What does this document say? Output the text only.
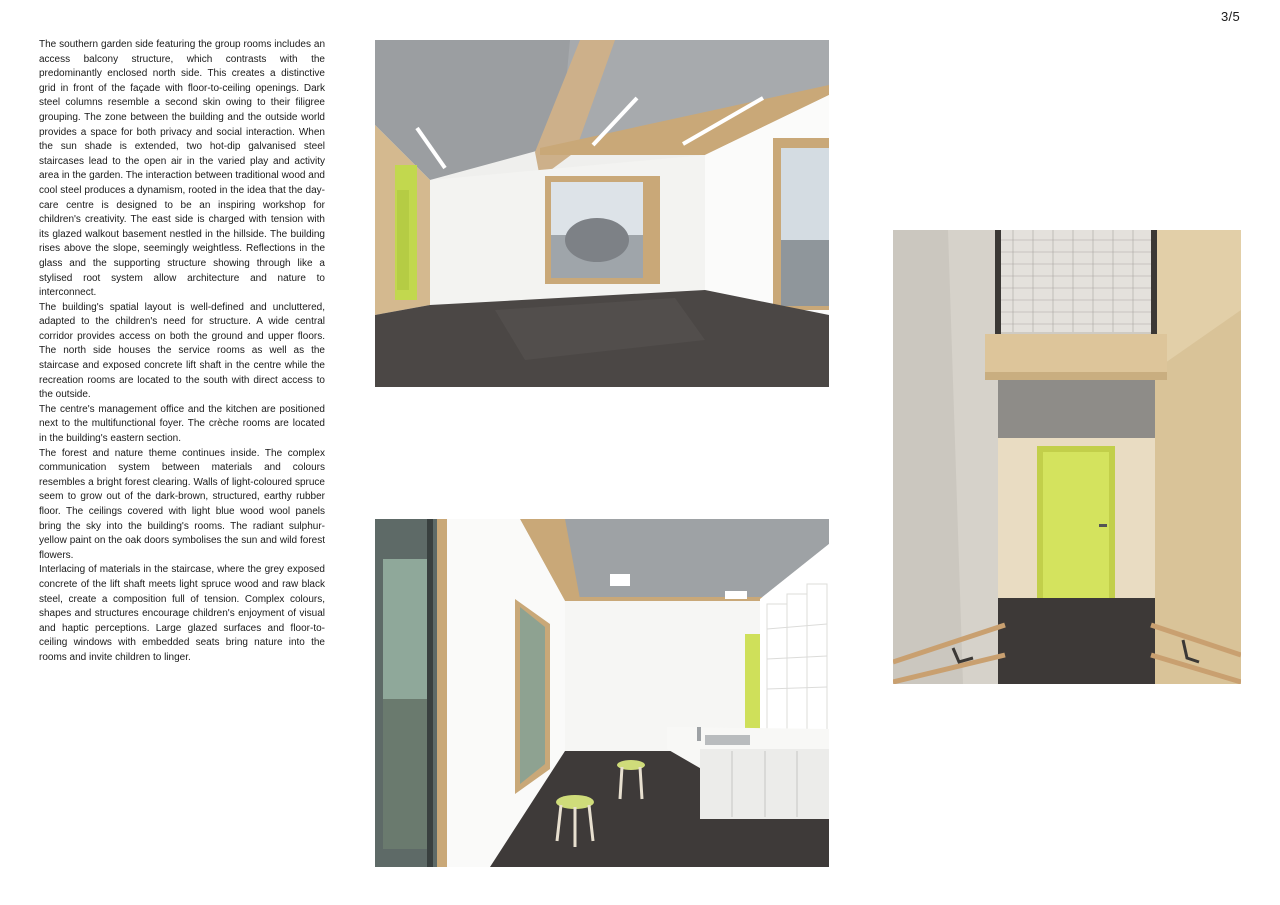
3/5

The southern garden side featuring the group rooms includes an access balcony structure, which contrasts with the predominantly enclosed north side. This creates a distinctive grid in front of the façade with floor-to-ceiling openings. Dark steel columns resemble a second skin owing to their filigree grouping. The zone between the building and the outside world provides a space for both privacy and social interaction. When the sun shade is extended, two hot-dip galvanised steel staircases lead to the open air in the varied play and activity area in the garden. The interaction between traditional wood and cool steel produces a dynamism, rooted in the idea that the day-care centre is designed to be an inspiring workshop for children's creativity. The east side is charged with tension with its glazed walkout basement nestled in the hillside. The building rises above the slope, seemingly weightless. Reflections in the glass and the supporting structure showing through like a stylised root system allow architecture and nature to interconnect.

The building's spatial layout is well-defined and uncluttered, adapted to the children's need for structure. A wide central corridor provides access on both the ground and upper floors. The north side houses the service rooms as well as the staircase and exposed concrete lift shaft in the centre while the recreation rooms are located to the south with direct access to the outside.

The centre's management office and the kitchen are positioned next to the multifunctional foyer. The crèche rooms are located in the building's eastern section.

The forest and nature theme continues inside. The complex communication system between materials and colours resembles a bright forest clearing. Walls of light-coloured spruce seem to grow out of the dark-brown, structured, earthy rubber floor. The ceilings covered with light blue wood wool panels bring the sky into the building's rooms. The radiant sulphur-yellow paint on the oak doors symbolises the sun and wild forest flowers.

Interlacing of materials in the staircase, where the grey exposed concrete of the lift shaft meets light spruce wood and raw black steel, create a composition full of tension. Complex colours, shapes and structures encourage children's enjoyment of visual and haptic perceptions. Large glazed surfaces and floor-to-ceiling windows with embedded seats bring nature into the rooms and invite children to linger.
